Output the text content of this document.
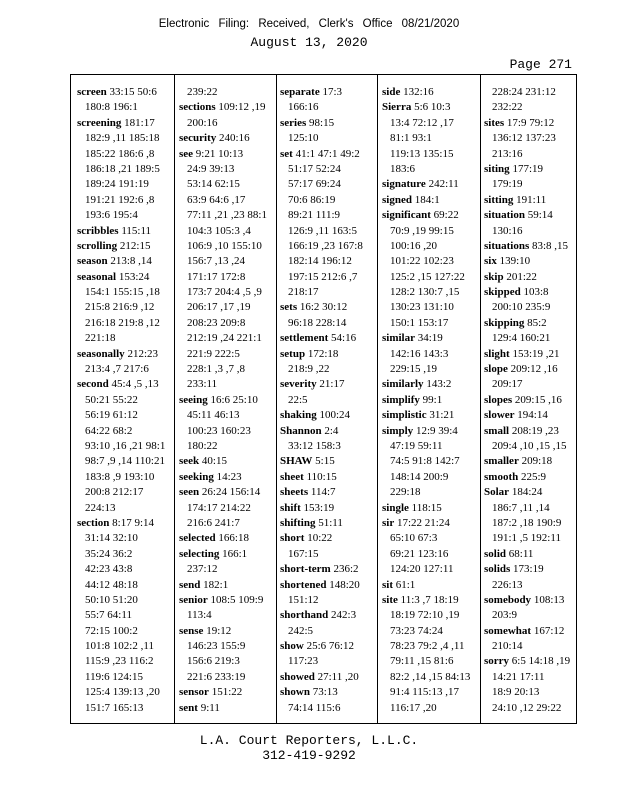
Electronic Filing: Received, Clerk's Office 08/21/2020
August 13, 2020
Page 271
screen 33:15 50:6
180:8 196:1
screening 181:17
182:9 ,11 185:18
185:22 186:6 ,8
186:18 ,21 189:5
189:24 191:19
191:21 192:6 ,8
193:6 195:4
scribbles 115:11
scrolling 212:15
season 213:8 ,14
seasonal 153:24
154:1 155:15 ,18
215:8 216:9 ,12
216:18 219:8 ,12
221:18
seasonally 212:23
213:4 ,7 217:6
second 45:4 ,5 ,13
50:21 55:22
56:19 61:12
64:22 68:2
93:10 ,16 ,21 98:1
98:7 ,9 ,14 110:21
183:8 ,9 193:10
200:8 212:17
224:13
section 8:17 9:14
31:14 32:10
35:24 36:2
42:23 43:8
44:12 48:18
50:10 51:20
55:7 64:11
72:15 100:2
101:8 102:2 ,11
115:9 ,23 116:2
119:6 124:15
125:4 139:13 ,20
151:7 165:13
239:22
sections 109:12 ,19
200:16
security 240:16
see 9:21 10:13
24:9 39:13
53:14 62:15
63:9 64:6 ,17
77:11 ,21 ,23 88:1
104:3 105:3 ,4
106:9 ,10 155:10
156:7 ,13 ,24
171:17 172:8
173:7 204:4 ,5 ,9
206:17 ,17 ,19
208:23 209:8
212:19 ,24 221:1
221:9 222:5
228:1 ,3 ,7 ,8
233:11
seeing 16:6 25:10
45:11 46:13
100:23 160:23
180:22
seek 40:15
seeking 14:23
seen 26:24 156:14
174:17 214:22
216:6 241:7
selected 166:18
selecting 166:1
237:12
send 182:1
senior 108:5 109:9
113:4
sense 19:12
146:23 155:9
156:6 219:3
221:6 233:19
sensor 151:22
sent 9:11
separate 17:3
166:16
series 98:15
125:10
set 41:1 47:1 49:2
51:17 52:24
57:17 69:24
70:6 86:19
89:21 111:9
126:9 ,11 163:5
166:19 ,23 167:8
182:14 196:12
197:15 212:6 ,7
218:17
sets 16:2 30:12
96:18 228:14
settlement 54:16
setup 172:18
218:9 ,22
severity 21:17
22:5
shaking 100:24
Shannon 2:4
33:12 158:3
SHAW 5:15
sheet 110:15
sheets 114:7
shift 153:19
shifting 51:11
short 10:22
167:15
short-term 236:2
shortened 148:20
151:12
shorthand 242:3
242:5
show 25:6 76:12
117:23
showed 27:11 ,20
shown 73:13
74:14 115:6
side 132:16
Sierra 5:6 10:3
13:4 72:12 ,17
81:1 93:1
119:13 135:15
183:6
signature 242:11
signed 184:1
significant 69:22
70:9 ,19 99:15
100:16 ,20
101:22 102:23
125:2 ,15 127:22
128:2 130:7 ,15
130:23 131:10
150:1 153:17
similar 34:19
142:16 143:3
229:15 ,19
similarly 143:2
simplify 99:1
simplistic 31:21
simply 12:9 39:4
47:19 59:11
74:5 91:8 142:7
148:14 200:9
229:18
single 118:15
sir 17:22 21:24
65:10 67:3
69:21 123:16
124:20 127:11
sit 61:1
site 11:3 ,7 18:19
18:19 72:10 ,19
73:23 74:24
78:23 79:2 ,4 ,11
79:11 ,15 81:6
82:2 ,14 ,15 84:13
91:4 115:13 ,17
116:17 ,20
228:24 231:12
232:22
sites 17:9 79:12
136:12 137:23
213:16
siting 177:19
179:19
sitting 191:11
situation 59:14
130:16
situations 83:8 ,15
six 139:10
skip 201:22
skipped 103:8
200:10 235:9
skipping 85:2
129:4 160:21
slight 153:19 ,21
slope 209:12 ,16
209:17
slopes 209:15 ,16
slower 194:14
small 208:19 ,23
209:4 ,10 ,15 ,15
smaller 209:18
smooth 225:9
Solar 184:24
186:7 ,11 ,14
187:2 ,18 190:9
191:1 ,5 192:11
solid 68:11
solids 173:19
226:13
somebody 108:13
203:9
somewhat 167:12
210:14
sorry 6:5 14:18 ,19
14:21 17:11
18:9 20:13
24:10 ,12 29:22
L.A. Court Reporters, L.L.C.
312-419-9292
